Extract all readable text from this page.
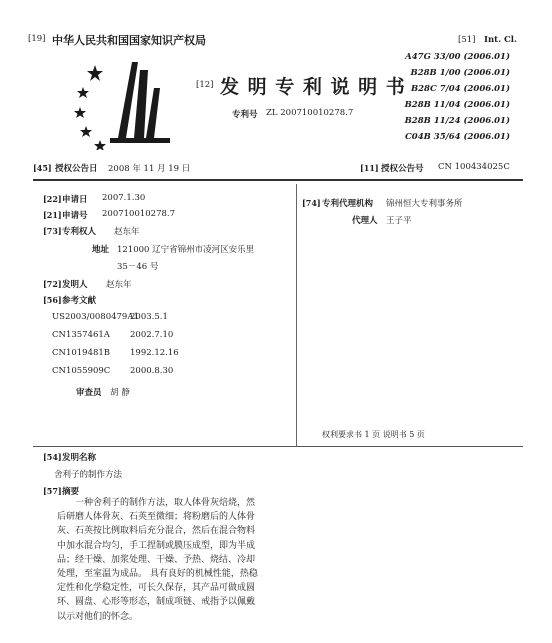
[19] 中华人民共和国国家知识产权局
[12] 发 明 专 利 说 明 书
专利号 ZL 200710010278.7
[51] Int. Cl.
A47G 33/00 (2006.01)
B28B 1/00 (2006.01)
B28C 7/04 (2006.01)
B28B 11/04 (2006.01)
B28B 11/24 (2006.01)
C04B 35/64 (2006.01)
[45] 授权公告日 2008 年 11 月 19 日	[11] 授权公告号 CN 100434025C
[22] 申请日 2007.1.30
[21] 申请号 200710010278.7
[73] 专利权人 赵东年
地址 121000 辽宁省锦州市凌河区安乐里
35－46 号
[72] 发明人 赵东年
[56] 参考文献
US2003/0080479A12003.5.1
CN1357461A 2002.7.10
CN1019481B 1992.12.16
CN1055909C 2000.8.30
审查员 胡 静
[74] 专利代理机构 锦州恒大专利事务所
代理人 王子平
权利要求书 1 页 说明书 5 页
[54] 发明名称
舍利子的制作方法
[57] 摘要
一种舍利子的制作方法，取人体骨灰焙烧，然
后研磨人体骨灰、石英至微细；将粉磨后的人体骨
灰、石英按比例取料后充分混合，然后在混合物料
中加水混合均匀，手工捏制或膜压成型，即为半成
品；经干燥、加浆处理、干燥、予热、烧结、冷却
处理，至室温为成品。 具有良好的机械性能，热稳
定性和化学稳定性，可长久保存，其产品可做成圆
环、圆盘、心形等形态，制成项链、戒指予以佩戴
以示对他们的怀念。
